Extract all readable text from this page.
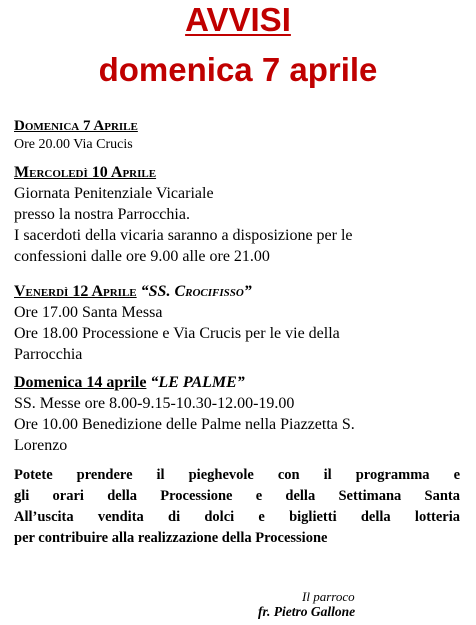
AVVISI
domenica 7 aprile
Domenica 7 Aprile
Ore 20.00 Via Crucis
Mercoledì 10 Aprile
Giornata Penitenziale Vicariale
presso la nostra Parrocchia.
I sacerdoti della vicaria saranno a disposizione per le
confessioni dalle ore 9.00 alle ore 21.00
Venerdì 12 Aprile “SS. Crocifisso”
Ore 17.00 Santa Messa
Ore 18.00 Processione e Via Crucis per le vie della
Parrocchia
Domenica 14 aprile “LE PALME”
SS. Messe ore 8.00-9.15-10.30-12.00-19.00
Ore 10.00 Benedizione delle Palme nella Piazzetta S.
Lorenzo
Potete prendere il pieghevole con il programma e
gli orari della Processione e della Settimana Santa
All’uscita vendita di dolci e biglietti della lotteria
per contribuire alla realizzazione della Processione
Il parroco
fr. Pietro Gallone
